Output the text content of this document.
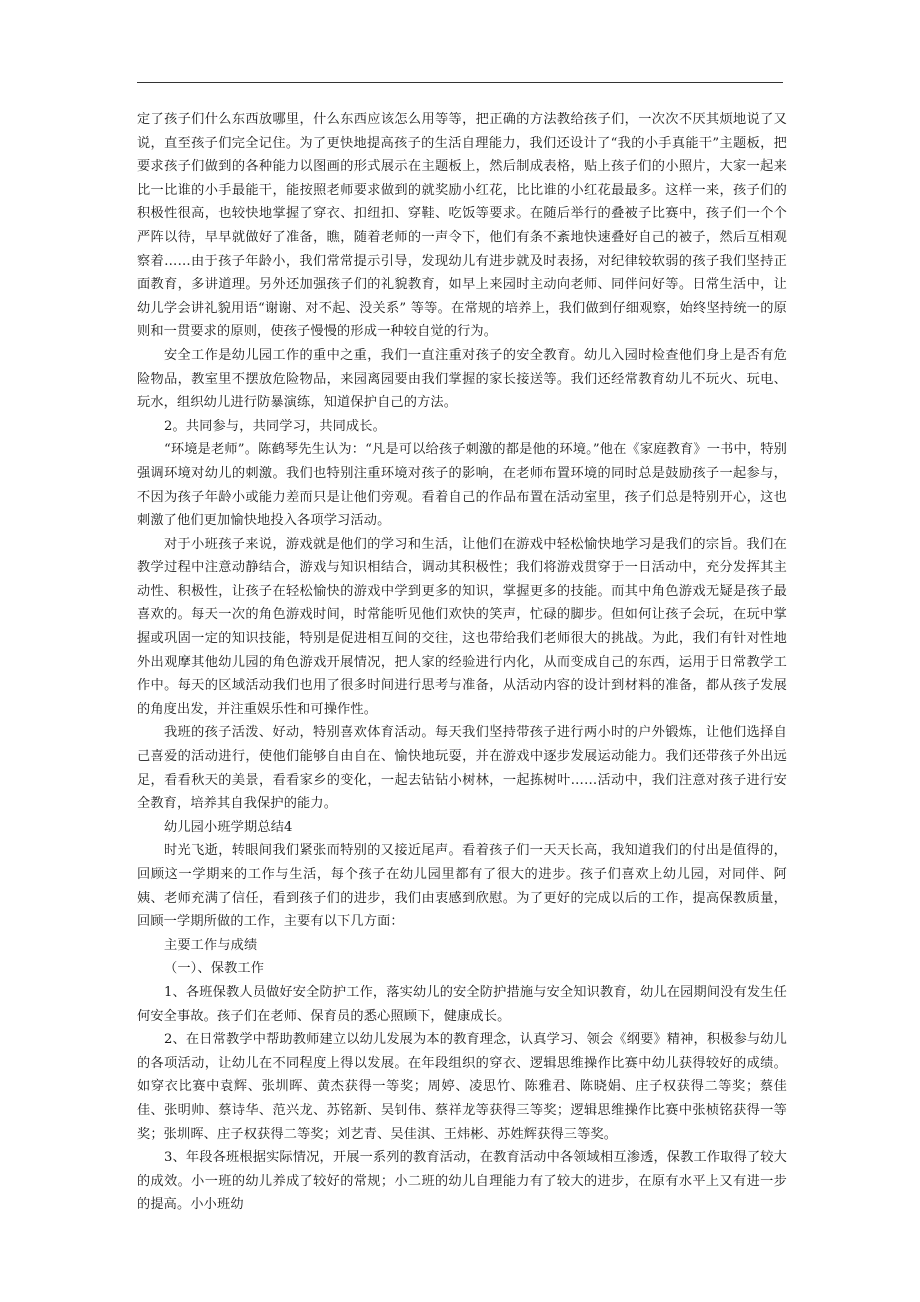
定了孩子们什么东西放哪里，什么东西应该怎么用等等，把正确的方法教给孩子们，一次次不厌其烦地说了又说，直至孩子们完全记住。为了更快地提高孩子的生活自理能力，我们还设计了“我的小手真能干”主题板，把要求孩子们做到的各种能力以图画的形式展示在主题板上，然后制成表格，贴上孩子们的小照片，大家一起来比一比谁的小手最能干，能按照老师要求做到的就奖励小红花，比比谁的小红花最最多。这样一来，孩子们的积极性很高，也较快地掌握了穿衣、扣纽扣、穿鞋、吃饭等要求。在随后举行的叠被子比赛中，孩子们一个个严阵以待，早早就做好了准备，瞧，随着老师的一声令下，他们有条不紊地快速叠好自己的被子，然后互相观察着……由于孩子年龄小，我们常常提示引导，发现幼儿有进步就及时表扬，对纪律较软弱的孩子我们坚持正面教育，多讲道理。另外还加强孩子们的礼貌教育，如早上来园时主动向老师、同伴问好等。日常生活中，让幼儿学会讲礼貌用语“谢谢、对不起、没关系” 等等。在常规的培养上，我们做到仔细观察，始终坚持统一的原则和一贯要求的原则，使孩子慢慢的形成一种较自觉的行为。

安全工作是幼儿园工作的重中之重，我们一直注重对孩子的安全教育。幼儿入园时检查他们身上是否有危险物品，教室里不摆放危险物品，来园离园要由我们掌握的家长接送等。我们还经常教育幼儿不玩火、玩电、玩水，组织幼儿进行防暴演练，知道保护自己的方法。

2。共同参与，共同学习，共同成长。

“环境是老师”。陈鹤琴先生认为：“凡是可以给孩子刺激的都是他的环境。”他在《家庭教育》一书中，特别强调环境对幼儿的刺激。我们也特别注重环境对孩子的影响，在老师布置环境的同时总是鼓励孩子一起参与，不因为孩子年龄小或能力差而只是让他们旁观。看着自己的作品布置在活动室里，孩子们总是特别开心，这也刺激了他们更加愉快地投入各项学习活动。

对于小班孩子来说，游戏就是他们的学习和生活，让他们在游戏中轻松愉快地学习是我们的宗旨。我们在教学过程中注意动静结合，游戏与知识相结合，调动其积极性；我们将游戏贯穿于一日活动中，充分发挥其主动性、积极性，让孩子在轻松愉快的游戏中学到更多的知识，掌握更多的技能。而其中角色游戏无疑是孩子最喜欢的。每天一次的角色游戏时间，时常能听见他们欢快的笑声，忙碌的脚步。但如何让孩子会玩，在玩中掌握或巩固一定的知识技能，特别是促进相互间的交往，这也带给我们老师很大的挑战。为此，我们有针对性地外出观摩其他幼儿园的角色游戏开展情况，把人家的经验进行内化，从而变成自己的东西，运用于日常教学工作中。每天的区域活动我们也用了很多时间进行思考与准备，从活动内容的设计到材料的准备，都从孩子发展的角度出发，并注重娱乐性和可操作性。

我班的孩子活泼、好动，特别喜欢体育活动。每天我们坚持带孩子进行两小时的户外锻炼，让他们选择自己喜爱的活动进行，使他们能够自由自在、愉快地玩耍，并在游戏中逐步发展运动能力。我们还带孩子外出远足，看看秋天的美景，看看家乡的变化，一起去钻钻小树林，一起拣树叶……活动中，我们注意对孩子进行安全教育，培养其自我保护的能力。

幼儿园小班学期总结4

时光飞逝，转眼间我们紧张而特别的又接近尾声。看着孩子们一天天长高，我知道我们的付出是值得的，回顾这一学期来的工作与生活，每个孩子在幼儿园里都有了很大的进步。孩子们喜欢上幼儿园，对同伴、阿姨、老师充满了信任，看到孩子们的进步，我们由衷感到欣慰。为了更好的完成以后的工作，提高保教质量，回顾一学期所做的工作，主要有以下几方面：

主要工作与成绩

（一）、保教工作

1、各班保教人员做好安全防护工作，落实幼儿的安全防护措施与安全知识教育，幼儿在园期间没有发生任何安全事故。孩子们在老师、保育员的悉心照顾下，健康成长。

2、在日常教学中帮助教师建立以幼儿发展为本的教育理念，认真学习、领会《纲要》精神，积极参与幼儿的各项活动，让幼儿在不同程度上得以发展。在年段组织的穿衣、逻辑思维操作比赛中幼儿获得较好的成绩。如穿衣比赛中袁辉、张圳晖、黄杰获得一等奖；周婷、凌思竹、陈雅君、陈晓娟、庄子权获得二等奖；蔡佳佳、张明帅、蔡诗华、范兴龙、苏铭新、吴钊伟、蔡祥龙等获得三等奖；逻辑思维操作比赛中张桢铭获得一等奖；张圳晖、庄子权获得二等奖；刘艺青、吴佳淇、王炜彬、苏姓辉获得三等奖。

3、年段各班根据实际情况，开展一系列的教育活动，在教育活动中各领域相互渗透，保教工作取得了较大的成效。小一班的幼儿养成了较好的常规；小二班的幼儿自理能力有了较大的进步，在原有水平上又有进一步的提高。小小班幼
